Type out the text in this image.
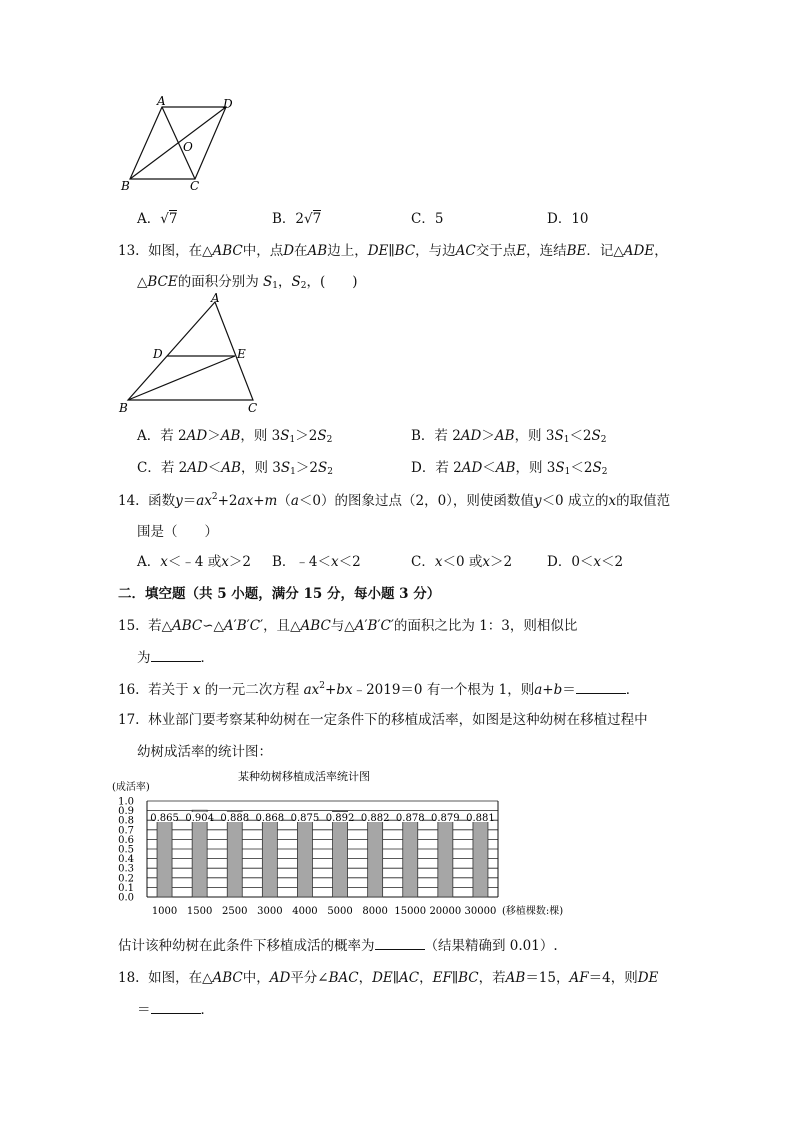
A	D
O
B	C
A．√7	B．2√7	C．5	D．10
13. 如图，在△ABC中，点D在AB边上，DE∥BC，与边AC交于点E，连结BE．记△ADE，
△BCE的面积分别为 $S_1$，$S_2$，(　　)
A
D	E
B	C
A．若 2AD＞AB，则 $3S_1>2S_2$	B．若 2AD＞AB，则 $3S_1<2S_2$
C．若 2AD＜AB，则 $3S_1>2S_2$	D．若 2AD＜AB，则 $3S_1<2S_2$
14. 函数$y=ax^2+2ax+m(a<0)$的图象过点（2，0），则使函数值y＜0 成立的x的取值范
围是（　　）
A．x＜﹣4 或x＞2 B．﹣4＜x＜2	C．x＜0 或x＞2	D．0＜x＜2
二．填空题（共 5 小题，满分 15 分，每小题 3 分）
15. 若△ABC∽△A′B′C′，且△ABC与△A′B′C′的面积之比为 1：3，则相似比
为	．
16. 若关于 x 的一元二次方程 $ax^2+bx﹣2019=0$ 有一个根为 1，则a+b＝	．
17. 林业部门要考察某种幼树在一定条件下的移植成活率，如图是这种幼树在移植过程中
幼树成活率的统计图：
某种幼树移植成活率统计图
(成活率)
1.0
0.9
0.8
0.7
0.6
0.5
0.4
0.3
0.2
0.1
0.0
0.865
1000
0.904
1500
0.888
2500
0.868
3000
0.875
4000
0.892
5000
0.882
8000
0.878
15000
0.879
20000
0.881
30000 (移植棵数:棵)
估计该种幼树在此条件下移植成活的概率为	（结果精确到 0.01）.
18. 如图，在△ABC中，AD平分∠BAC，DE∥AC，EF∥BC，若AB＝15，AF＝4，则DE
＝	．
